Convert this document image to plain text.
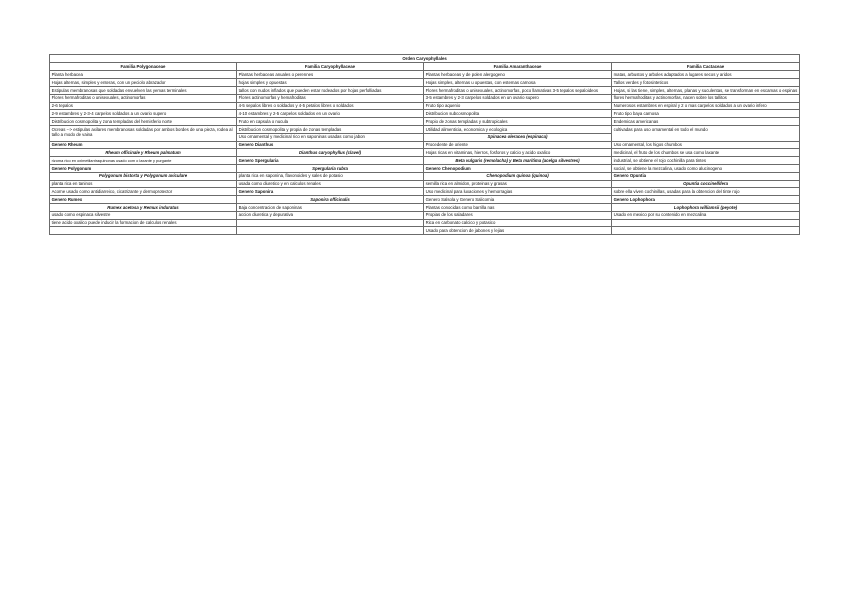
Orden Caryophyllales			
Familia Polygonaceae	Familia Caryophyllaceae	Familia Amaranthaceae	Familia Cactaceae
Planta herbacea	Plantas herbaceas anuales o perennes	Plantas herbaceas y de polen alergogeno	matas, arbustos y arboles adaptados a lugares secos y aridos
Hojas alternas, simples y enteras, con un peciolo abrazador	hojas simples y opuestas	Hojas simples, alternas u opuestas, con estemas carnosa	Tallos verdes y fotosinteticos
Estipulas membranosas que soldadas envuelven las yemas terminales	tallos con nudos inflados que pueden estar rodeados por hojas perfolliadas	Flores hermafroditas o unisexuales, actinomorfas, poco llamativas 3-5 tepalos sepaloideos	Hojas, si las tiene, simples, alternas, planas y suculentas, se transforman en escamas o espinas
Flores hermafroditas o unisexuales, actinomorfas	Flores actinomorfas y hemafroditas	3-5 estambres y 2-3 carpelos soldados en un ovario supero	flores hermafroditas y actinomorfas, nacen sobre los tallitos
2-6 tepalos	4-5 sepalos libres o soldados y 4-5 petalos libres o soldados	Fruto tipo aquenio	Numerosos estambres en espiral y 2 o mas carpelos soldados a un ovario infero
2-9 estambres y 2-3-4 carpelos soldados a un ovario supero	4-10 estambres y 2-5 carpelos soldados en un ovario	Distribucion subcosmopolita	Fruto tipo baya carnosa
Distribucion cosmopolita y zona templadas del hemisferio norte	Fruto en capsula o nucula	Propio de zonas templadas y subtropicales	Endemicas americanas
Ocreas --> estipulas axilares membranosas soldadas por ambos bordes de una pieza, rodea al tallo a modo de vaina	Distribucion cosmopolita y propia de zonas templadas	Utilidad alimenticia, economica y ecologica	cultivadas para uso ornamental en todo el mundo
	Uso ornamental y medicinal rico en saponinas usadas como jabon	Spinacea oleracea (espinaca)	
Genero Rheum	Genero Dianthus	Procedente de oriente	Uso ornamental, los higos chumbos
Rheum officinale y Rheum palmatum	Dianthus caryophyllus (clavel)	Hojas ricas en vitaminas, hierros, fosforos y calcio y acido oxalico	medicinal, el fruto de los chumbos se usa como laxante
rizoma rico en oximetilantraquinonas usado com o laxante y purgante	Genero Spergularia	Beta vulgaris (remolacha) y Beta maritima (acelga silvestres)	industrial, se obtiene el rojo cochinilla para tintes
Genero Polygonum	Spergularia rubra	Genero Chenopodium	social, se obtiene la mezcalina, usado como alucinogeno
Polygonum bistorta y Polygonum aviculare	planta rica en saponina, flavonoides y sales de potasio	Chenopodium quinoa (quinoa)	Genero Opuntia
planta rica en taninos	usada como diuretico y en calculos renales	semilla rica en almidon, proteinas y grasas	Opuntia coccinellifera
Acorne usado como antidiarreico, cicatrizante y dermoprotector	Genero Saponira	Uso medicinal para luxaciones y hemorragias	sobre ella viven cochinillas, usadas para la obtencion del tinte rojo
Genero Rumex	Saponira officinalis	Genero Salsola y Genero Salicornia	Genero Lophophora
Rumex acetosa y Remux induratus	Baja concentracion de saponinas	Plantas conocidas como barrilla nas	Lophophora williamsii (peyote)
usado como espinaca silvestre	accion diuretica y depurativa	Propias de los saladares	Usado en mexico por su contenido en mezcalina
tiene acido oxalico puede inducir la formacion de calculos renales		Rica en carbonato calcico y potasico	
		Usado para obtencion de jabones y lejias	
